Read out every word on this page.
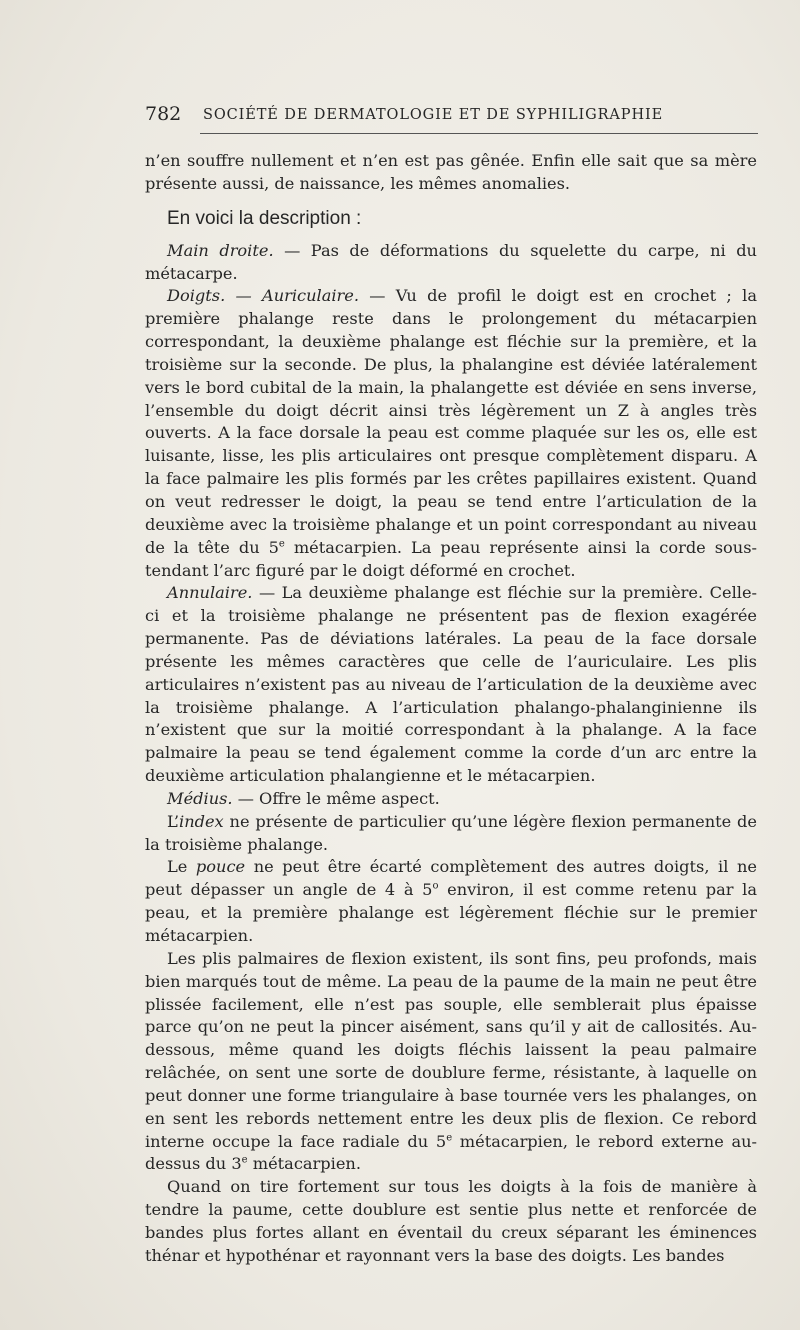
782 SOCIÉTÉ DE DERMATOLOGIE ET DE SYPHILIGRAPHIE

n’en souffre nullement et n’en est pas gênée. Enfin elle sait que sa mère présente aussi, de naissance, les mêmes anomalies.

En voici la description :

Main droite. — Pas de déformations du squelette du carpe, ni du métacarpe.

Doigts. — Auriculaire. — Vu de profil le doigt est en crochet ; la première phalange reste dans le prolongement du métacarpien correspondant, la deuxième phalange est fléchie sur la première, et la troisième sur la seconde. De plus, la phalangine est déviée latéralement vers le bord cubital de la main, la phalangette est déviée en sens inverse, l’ensemble du doigt décrit ainsi très légèrement un Z à angles très ouverts. A la face dorsale la peau est comme plaquée sur les os, elle est luisante, lisse, les plis articulaires ont presque complètement disparu. A la face palmaire les plis formés par les crêtes papillaires existent. Quand on veut redresser le doigt, la peau se tend entre l’articulation de la deuxième avec la troisième phalange et un point correspondant au niveau de la tête du 5e métacarpien. La peau représente ainsi la corde sous-tendant l’arc figuré par le doigt déformé en crochet.

Annulaire. — La deuxième phalange est fléchie sur la première. Celle-ci et la troisième phalange ne présentent pas de flexion exagérée permanente. Pas de déviations latérales. La peau de la face dorsale présente les mêmes caractères que celle de l’auriculaire. Les plis articulaires n’existent pas au niveau de l’articulation de la deuxième avec la troisième phalange. A l’articulation phalango-phalanginienne ils n’existent que sur la moitié correspondant à la phalange. A la face palmaire la peau se tend également comme la corde d’un arc entre la deuxième articulation phalangienne et le métacarpien.

Médius. — Offre le même aspect.

L’index ne présente de particulier qu’une légère flexion permanente de la troisième phalange.

Le pouce ne peut être écarté complètement des autres doigts, il ne peut dépasser un angle de 4 à 5$^o$ environ, il est comme retenu par la peau, et la première phalange est légèrement fléchie sur le premier métacarpien.

Les plis palmaires de flexion existent, ils sont fins, peu profonds, mais bien marqués tout de même. La peau de la paume de la main ne peut être plissée facilement, elle n’est pas souple, elle semblerait plus épaisse parce qu’on ne peut la pincer aisément, sans qu’il y ait de callosités. Au-dessous, même quand les doigts fléchis laissent la peau palmaire relâchée, on sent une sorte de doublure ferme, résistante, à laquelle on peut donner une forme triangulaire à base tournée vers les phalanges, on en sent les rebords nettement entre les deux plis de flexion. Ce rebord interne occupe la face radiale du 5e métacarpien, le rebord externe au-dessus du 3e métacarpien.

Quand on tire fortement sur tous les doigts à la fois de manière à tendre la paume, cette doublure est sentie plus nette et renforcée de bandes plus fortes allant en éventail du creux séparant les éminences thénar et hypothénar et rayonnant vers la base des doigts. Les bandes
